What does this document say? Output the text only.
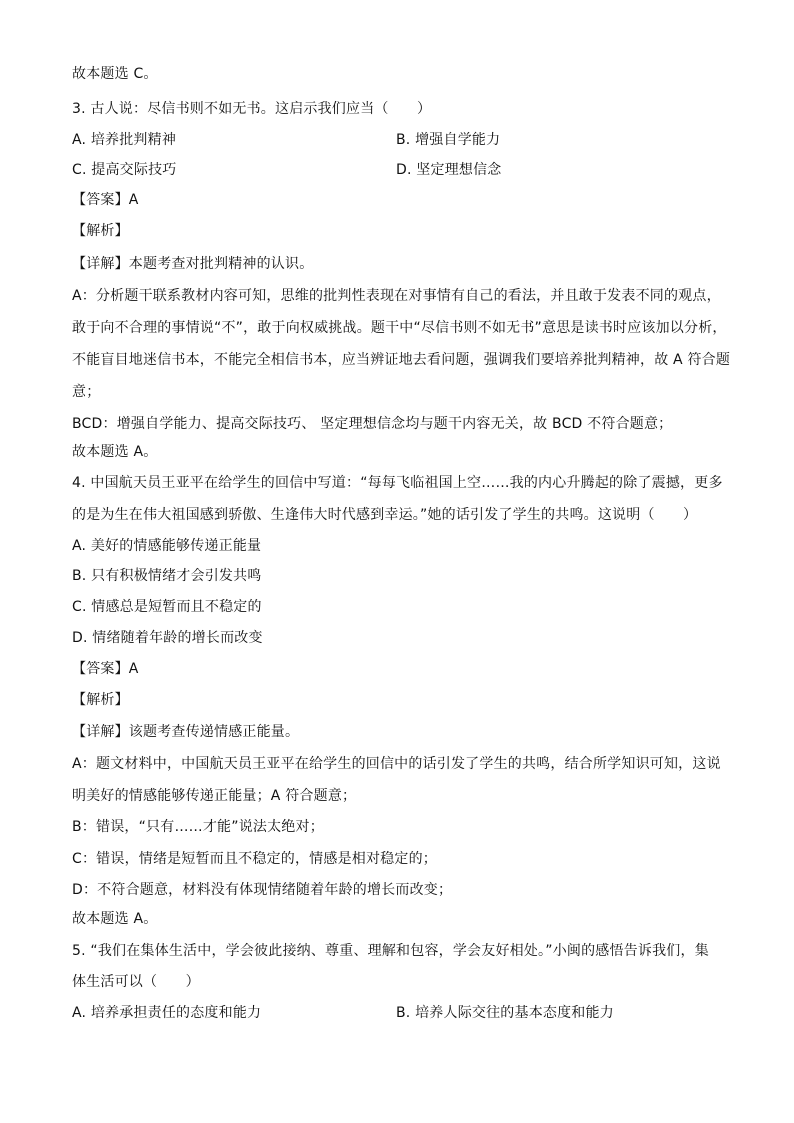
故本题选 C。
3. 古人说：尽信书则不如无书。这启示我们应当（　　）
A. 培养批判精神	B. 增强自学能力
C. 提高交际技巧	D. 坚定理想信念
【答案】A
【解析】
【详解】本题考查对批判精神的认识。
A：分析题干联系教材内容可知，思维的批判性表现在对事情有自己的看法，并且敢于发表不同的观点，
敢于向不合理的事情说“不”，敢于向权威挑战。题干中“尽信书则不如无书”意思是读书时应该加以分析，
不能盲目地迷信书本，不能完全相信书本，应当辨证地去看问题，强调我们要培养批判精神，故 A 符合题
意；
BCD：增强自学能力、提高交际技巧、 坚定理想信念均与题干内容无关，故 BCD 不符合题意；
故本题选 A。
4. 中国航天员王亚平在给学生的回信中写道：“每每飞临祖国上空……我的内心升腾起的除了震撼，更多
的是为生在伟大祖国感到骄傲、生逢伟大时代感到幸运。”她的话引发了学生的共鸣。这说明（　　）
A. 美好的情感能够传递正能量
B. 只有积极情绪才会引发共鸣
C. 情感总是短暂而且不稳定的
D. 情绪随着年龄的增长而改变
【答案】A
【解析】
【详解】该题考查传递情感正能量。
A：题文材料中，中国航天员王亚平在给学生的回信中的话引发了学生的共鸣，结合所学知识可知，这说
明美好的情感能够传递正能量；A 符合题意；
B：错误，“只有……才能”说法太绝对；
C：错误，情绪是短暂而且不稳定的，情感是相对稳定的；
D：不符合题意，材料没有体现情绪随着年龄的增长而改变；
故本题选 A。
5. “我们在集体生活中，学会彼此接纳、尊重、理解和包容，学会友好相处。”小闽的感悟告诉我们，集
体生活可以（　　）
A. 培养承担责任的态度和能力	B. 培养人际交往的基本态度和能力
